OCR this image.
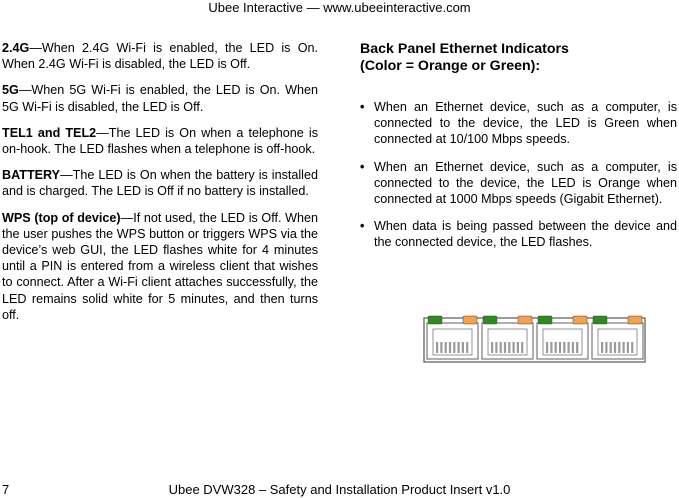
Ubee Interactive — www.ubeeinteractive.com

2.4G—When 2.4G Wi-Fi is enabled, the LED is On. When 2.4G Wi-Fi is disabled, the LED is Off.

5G—When 5G Wi-Fi is enabled, the LED is On. When 5G Wi-Fi is disabled, the LED is Off.

TEL1 and TEL2—The LED is On when a telephone is on-hook. The LED flashes when a telephone is off-hook.

BATTERY—The LED is On when the battery is installed and is charged. The LED is Off if no battery is installed.

WPS (top of device)—If not used, the LED is Off. When the user pushes the WPS button or triggers WPS via the device’s web GUI, the LED flashes white for 4 minutes until a PIN is entered from a wireless client that wishes to connect. After a Wi-Fi client attaches successfully, the LED remains solid white for 5 minutes, and then turns off.

Back Panel Ethernet Indicators
(Color = Orange or Green):
• When an Ethernet device, such as a computer, is connected to the device, the LED is Green when connected at 10/100 Mbps speeds.
• When an Ethernet device, such as a computer, is connected to the device, the LED is Orange when connected at 1000 Mbps speeds (Gigabit Ethernet).
• When data is being passed between the device and the connected device, the LED flashes.
7	Ubee DVW328 – Safety and Installation Product Insert v1.0
